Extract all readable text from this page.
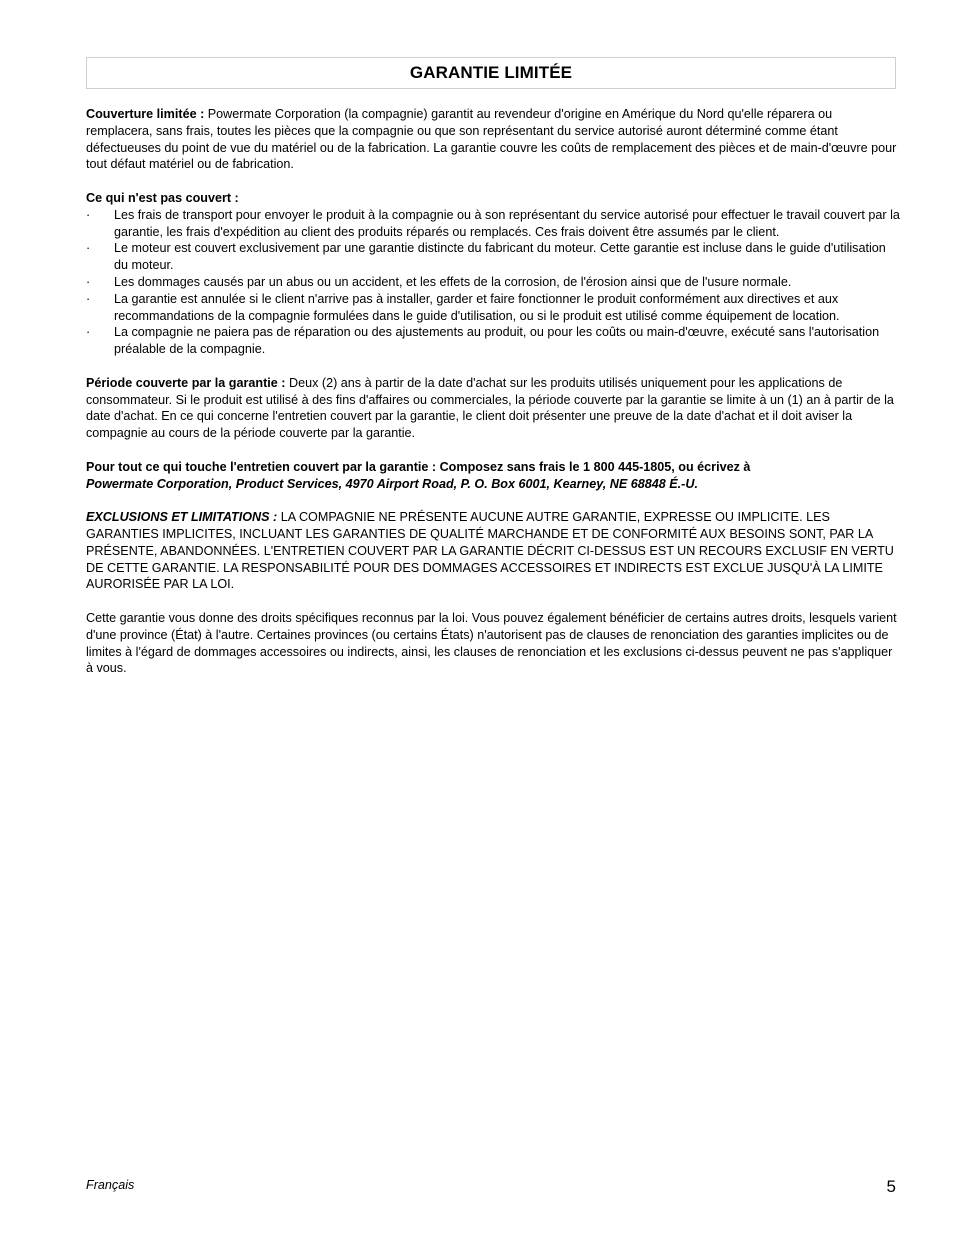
GARANTIE LIMITÉE

Couverture limitée : Powermate Corporation (la compagnie) garantit au revendeur d'origine en Amérique du Nord qu'elle réparera ou remplacera, sans frais, toutes les pièces que la compagnie ou que son représentant du service autorisé auront déterminé comme étant défectueuses du point de vue du matériel ou de la fabrication. La garantie couvre les coûts de remplacement des pièces et de main-d'œuvre pour tout défaut matériel ou de fabrication.

Ce qui n'est pas couvert :
· Les frais de transport pour envoyer le produit à la compagnie ou à son représentant du service autorisé pour effectuer le travail couvert par la garantie, les frais d'expédition au client des produits réparés ou remplacés. Ces frais doivent être assumés par le client.
· Le moteur est couvert exclusivement par une garantie distincte du fabricant du moteur. Cette garantie est incluse dans le guide d'utilisation du moteur.
· Les dommages causés par un abus ou un accident, et les effets de la corrosion, de l'érosion ainsi que de l'usure normale.
· La garantie est annulée si le client n'arrive pas à installer, garder et faire fonctionner le produit conformément aux directives et aux recommandations de la compagnie formulées dans le guide d'utilisation, ou si le produit est utilisé comme équipement de location.
· La compagnie ne paiera pas de réparation ou des ajustements au produit, ou pour les coûts ou main-d'œuvre, exécuté sans l'autorisation préalable de la compagnie.

Période couverte par la garantie : Deux (2) ans à partir de la date d'achat sur les produits utilisés uniquement pour les applications de consommateur. Si le produit est utilisé à des fins d'affaires ou commerciales, la période couverte par la garantie se limite à un (1) an à partir de la date d'achat. En ce qui concerne l'entretien couvert par la garantie, le client doit présenter une preuve de la date d'achat et il doit aviser la compagnie au cours de la période couverte par la garantie.

Pour tout ce qui touche l'entretien couvert par la garantie : Composez sans frais le 1 800 445-1805, ou écrivez à
Powermate Corporation, Product Services, 4970 Airport Road, P. O. Box 6001, Kearney, NE 68848 É.-U.

EXCLUSIONS ET LIMITATIONS : LA COMPAGNIE NE PRÉSENTE AUCUNE AUTRE GARANTIE, EXPRESSE OU IMPLICITE. LES GARANTIES IMPLICITES, INCLUANT LES GARANTIES DE QUALITÉ MARCHANDE ET DE CONFORMITÉ AUX BESOINS SONT, PAR LA PRÉSENTE, ABANDONNÉES. L'ENTRETIEN COUVERT PAR LA GARANTIE DÉCRIT CI-DESSUS EST UN RECOURS EXCLUSIF EN VERTU DE CETTE GARANTIE. LA RESPONSABILITÉ POUR DES DOMMAGES ACCESSOIRES ET INDIRECTS EST EXCLUE JUSQU'À LA LIMITE AURORISÉE PAR LA LOI.

Cette garantie vous donne des droits spécifiques reconnus par la loi. Vous pouvez également bénéficier de certains autres droits, lesquels varient d'une province (État) à l'autre. Certaines provinces (ou certains États) n'autorisent pas de clauses de renonciation des garanties implicites ou de limites à l'égard de dommages accessoires ou indirects, ainsi, les clauses de renonciation et les exclusions ci-dessus peuvent ne pas s'appliquer à vous.

Français	5
